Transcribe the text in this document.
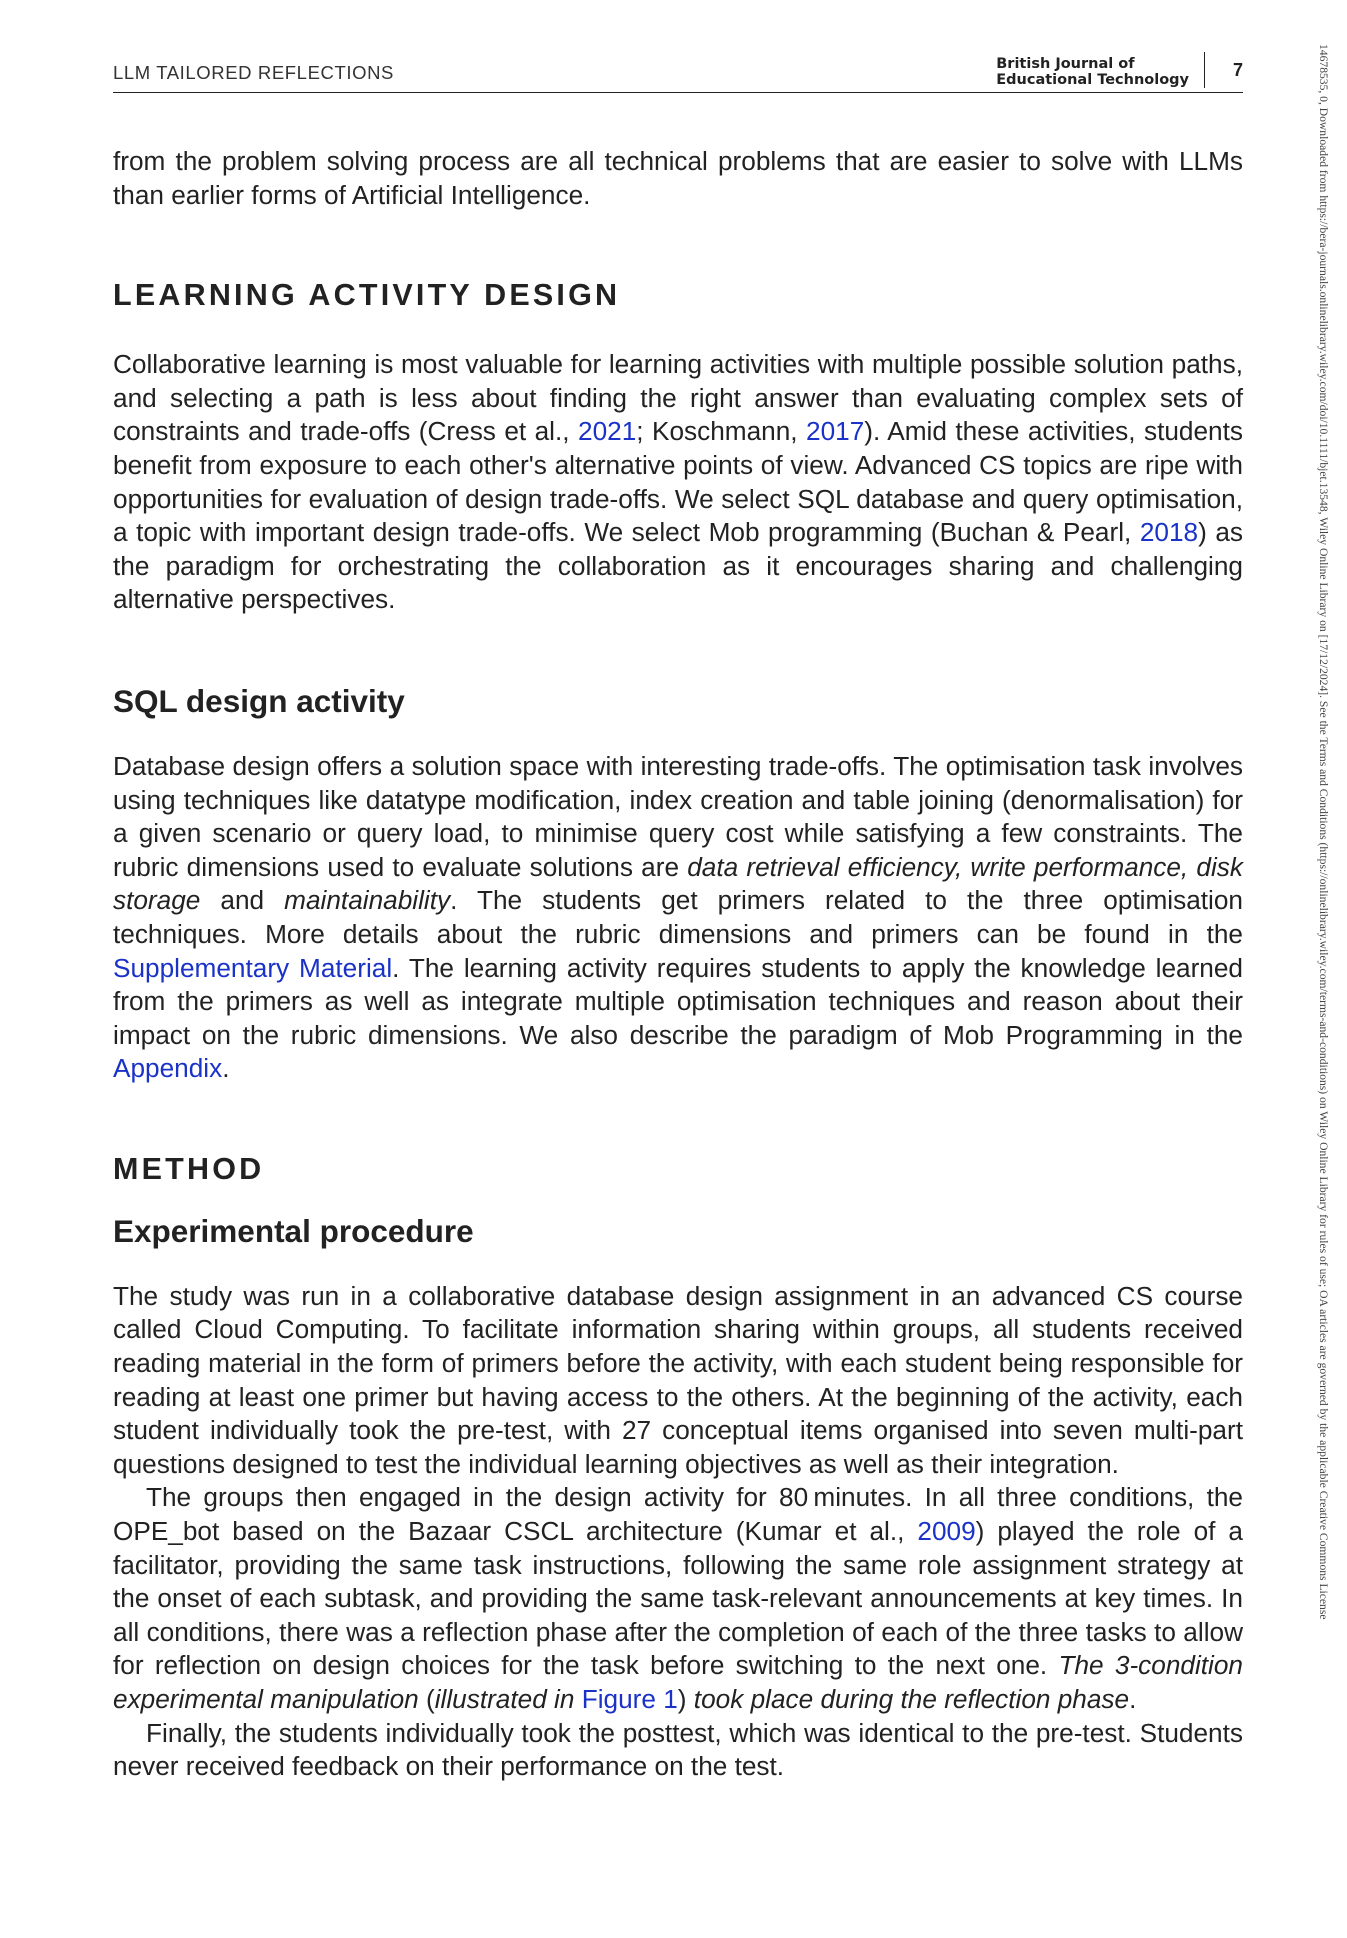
LLM TAILORED REFLECTIONS	British Journal of
Educational Technology 7	14678535, 0, Downloaded from https://bera-journals.onlinelibrary.wiley.com/doi/10.1111/bjet.13548, Wiley Online Library on [17/12/2024]. See the Terms and Conditions (https://onlinelibrary.wiley.com/terms-and-conditions) on Wiley Online Library for rules of use; OA articles are governed by the applicable Creative Commons License

from the problem solving process are all technical problems that are easier to solve with LLMs than earlier forms of Artificial Intelligence.

LEARNING ACTIVITY DESIGN

Collaborative learning is most valuable for learning activities with multiple possible solution paths, and selecting a path is less about finding the right answer than evaluating complex sets of constraints and trade-offs (Cress et al., 2021; Koschmann, 2017). Amid these activities, students benefit from exposure to each other's alternative points of view. Advanced CS topics are ripe with opportunities for evaluation of design trade-offs. We select SQL database and query optimisation, a topic with important design trade-offs. We select Mob programming (Buchan & Pearl, 2018) as the paradigm for orchestrating the collaboration as it encourages sharing and challenging alternative perspectives.

SQL design activity

Database design offers a solution space with interesting trade-offs. The optimisation task involves using techniques like datatype modification, index creation and table joining (denormalisation) for a given scenario or query load, to minimise query cost while satisfying a few constraints. The rubric dimensions used to evaluate solutions are data retrieval efficiency, write performance, disk storage and maintainability. The students get primers related to the three optimisation techniques. More details about the rubric dimensions and primers can be found in the Supplementary Material. The learning activity requires students to apply the knowledge learned from the primers as well as integrate multiple optimisation techniques and reason about their impact on the rubric dimensions. We also describe the paradigm of Mob Programming in the Appendix.

METHOD
Experimental procedure

The study was run in a collaborative database design assignment in an advanced CS course called Cloud Computing. To facilitate information sharing within groups, all students received reading material in the form of primers before the activity, with each student being responsible for reading at least one primer but having access to the others. At the beginning of the activity, each student individually took the pre-test, with 27 conceptual items organised into seven multi-part questions designed to test the individual learning objectives as well as their integration.

The groups then engaged in the design activity for 80 minutes. In all three conditions, the OPE_bot based on the Bazaar CSCL architecture (Kumar et al., 2009) played the role of a facilitator, providing the same task instructions, following the same role assignment strategy at the onset of each subtask, and providing the same task-relevant announcements at key times. In all conditions, there was a reflection phase after the completion of each of the three tasks to allow for reflection on design choices for the task before switching to the next one. The 3-condition experimental manipulation (illustrated in Figure 1) took place during the reflection phase.

Finally, the students individually took the posttest, which was identical to the pre-test. Students never received feedback on their performance on the test.
